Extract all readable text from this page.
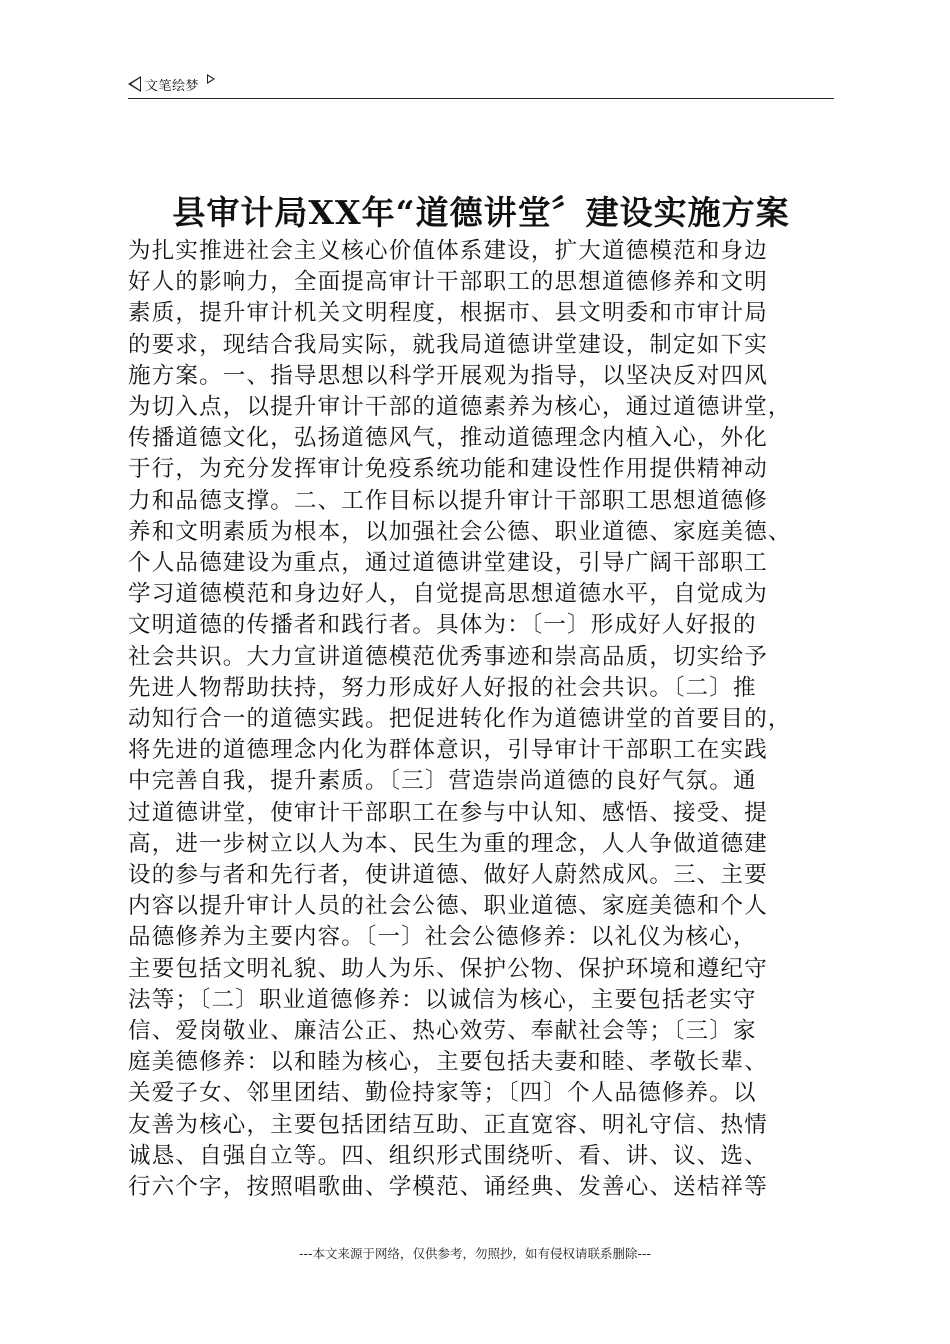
文笔绘梦
县审计局XX年“道德讲堂〞建设实施方案
为扎实推进社会主义核心价值体系建设，扩大道德模范和身边
好人的影响力，全面提高审计干部职工的思想道德修养和文明
素质，提升审计机关文明程度，根据市、县文明委和市审计局
的要求，现结合我局实际，就我局道德讲堂建设，制定如下实
施方案。一、指导思想以科学开展观为指导，以坚决反对四风
为切入点，以提升审计干部的道德素养为核心，通过道德讲堂，
传播道德文化，弘扬道德风气，推动道德理念内植入心，外化
于行，为充分发挥审计免疫系统功能和建设性作用提供精神动
力和品德支撑。二、工作目标以提升审计干部职工思想道德修
养和文明素质为根本，以加强社会公德、职业道德、家庭美德、
个人品德建设为重点，通过道德讲堂建设，引导广阔干部职工
学习道德模范和身边好人，自觉提高思想道德水平，自觉成为
文明道德的传播者和践行者。具体为：〔一〕形成好人好报的
社会共识。大力宣讲道德模范优秀事迹和崇高品质，切实给予
先进人物帮助扶持，努力形成好人好报的社会共识。〔二〕推
动知行合一的道德实践。把促进转化作为道德讲堂的首要目的，
将先进的道德理念内化为群体意识，引导审计干部职工在实践
中完善自我，提升素质。〔三〕营造崇尚道德的良好气氛。通
过道德讲堂，使审计干部职工在参与中认知、感悟、接受、提
高，进一步树立以人为本、民生为重的理念，人人争做道德建
设的参与者和先行者，使讲道德、做好人蔚然成风。三、主要
内容以提升审计人员的社会公德、职业道德、家庭美德和个人
品德修养为主要内容。〔一〕社会公德修养：以礼仪为核心，
主要包括文明礼貌、助人为乐、保护公物、保护环境和遵纪守
法等；〔二〕职业道德修养：以诚信为核心，主要包括老实守
信、爱岗敬业、廉洁公正、热心效劳、奉献社会等；〔三〕家
庭美德修养：以和睦为核心，主要包括夫妻和睦、孝敬长辈、
关爱子女、邻里团结、勤俭持家等；〔四〕个人品德修养。以
友善为核心，主要包括团结互助、正直宽容、明礼守信、热情
诚恳、自强自立等。四、组织形式围绕听、看、讲、议、选、
行六个字，按照唱歌曲、学模范、诵经典、发善心、送桔祥等
---本文来源于网络，仅供参考，勿照抄，如有侵权请联系删除---
